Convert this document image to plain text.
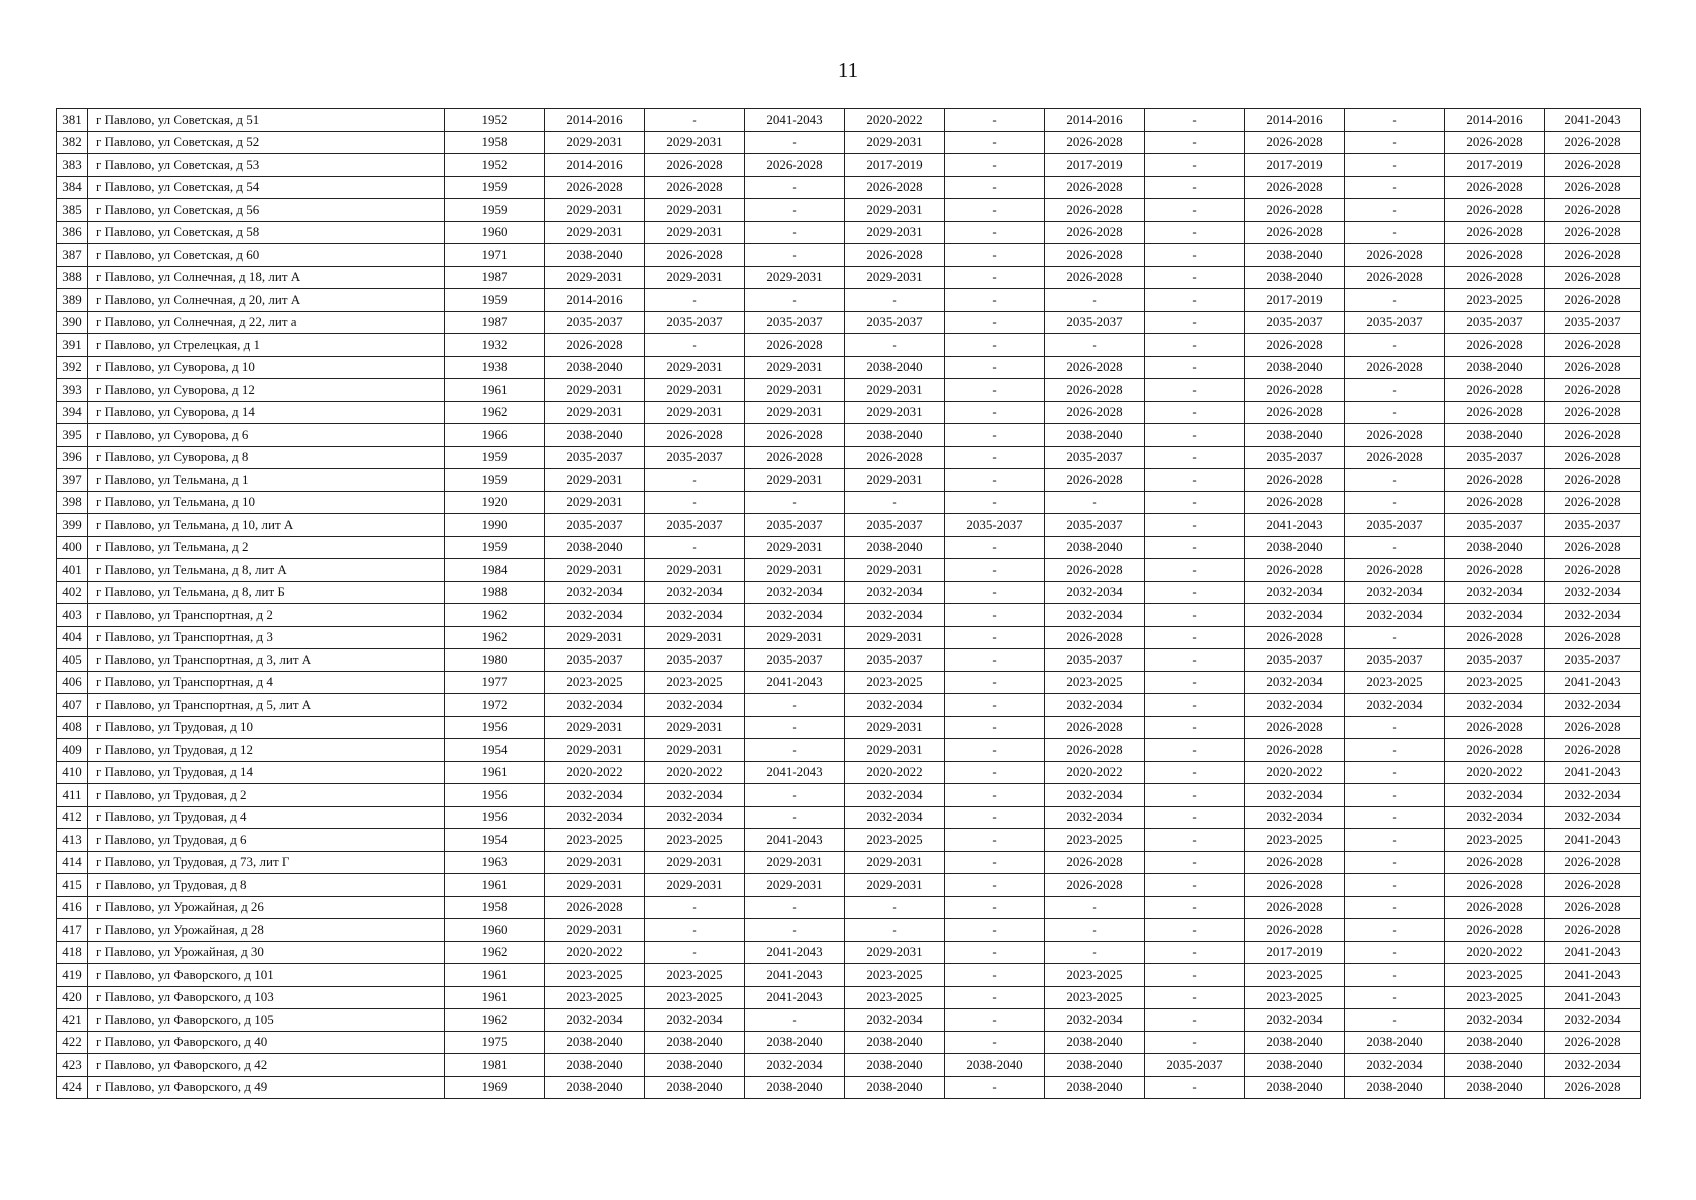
11
381	г Павлово, ул Советская, д 51	1952	2014-2016	-	2041-2043	2020-2022	-	2014-2016	-	2014-2016	-	2014-2016	2041-2043
382	г Павлово, ул Советская, д 52	1958	2029-2031	2029-2031	-	2029-2031	-	2026-2028	-	2026-2028	-	2026-2028	2026-2028
383	г Павлово, ул Советская, д 53	1952	2014-2016	2026-2028	2026-2028	2017-2019	-	2017-2019	-	2017-2019	-	2017-2019	2026-2028
384	г Павлово, ул Советская, д 54	1959	2026-2028	2026-2028	-	2026-2028	-	2026-2028	-	2026-2028	-	2026-2028	2026-2028
385	г Павлово, ул Советская, д 56	1959	2029-2031	2029-2031	-	2029-2031	-	2026-2028	-	2026-2028	-	2026-2028	2026-2028
386	г Павлово, ул Советская, д 58	1960	2029-2031	2029-2031	-	2029-2031	-	2026-2028	-	2026-2028	-	2026-2028	2026-2028
387	г Павлово, ул Советская, д 60	1971	2038-2040	2026-2028	-	2026-2028	-	2026-2028	-	2038-2040	2026-2028	2026-2028	2026-2028
388	г Павлово, ул Солнечная, д 18, лит А	1987	2029-2031	2029-2031	2029-2031	2029-2031	-	2026-2028	-	2038-2040	2026-2028	2026-2028	2026-2028
389	г Павлово, ул Солнечная, д 20, лит А	1959	2014-2016	-	-	-	-	-	-	2017-2019	-	2023-2025	2026-2028
390	г Павлово, ул Солнечная, д 22, лит а	1987	2035-2037	2035-2037	2035-2037	2035-2037	-	2035-2037	-	2035-2037	2035-2037	2035-2037	2035-2037
391	г Павлово, ул Стрелецкая, д 1	1932	2026-2028	-	2026-2028	-	-	-	-	2026-2028	-	2026-2028	2026-2028
392	г Павлово, ул Суворова, д 10	1938	2038-2040	2029-2031	2029-2031	2038-2040	-	2026-2028	-	2038-2040	2026-2028	2038-2040	2026-2028
393	г Павлово, ул Суворова, д 12	1961	2029-2031	2029-2031	2029-2031	2029-2031	-	2026-2028	-	2026-2028	-	2026-2028	2026-2028
394	г Павлово, ул Суворова, д 14	1962	2029-2031	2029-2031	2029-2031	2029-2031	-	2026-2028	-	2026-2028	-	2026-2028	2026-2028
395	г Павлово, ул Суворова, д 6	1966	2038-2040	2026-2028	2026-2028	2038-2040	-	2038-2040	-	2038-2040	2026-2028	2038-2040	2026-2028
396	г Павлово, ул Суворова, д 8	1959	2035-2037	2035-2037	2026-2028	2026-2028	-	2035-2037	-	2035-2037	2026-2028	2035-2037	2026-2028
397	г Павлово, ул Тельмана, д 1	1959	2029-2031	-	2029-2031	2029-2031	-	2026-2028	-	2026-2028	-	2026-2028	2026-2028
398	г Павлово, ул Тельмана, д 10	1920	2029-2031	-	-	-	-	-	-	2026-2028	-	2026-2028	2026-2028
399	г Павлово, ул Тельмана, д 10, лит А	1990	2035-2037	2035-2037	2035-2037	2035-2037	2035-2037	2035-2037	-	2041-2043	2035-2037	2035-2037	2035-2037
400	г Павлово, ул Тельмана, д 2	1959	2038-2040	-	2029-2031	2038-2040	-	2038-2040	-	2038-2040	-	2038-2040	2026-2028
401	г Павлово, ул Тельмана, д 8, лит А	1984	2029-2031	2029-2031	2029-2031	2029-2031	-	2026-2028	-	2026-2028	2026-2028	2026-2028	2026-2028
402	г Павлово, ул Тельмана, д 8, лит Б	1988	2032-2034	2032-2034	2032-2034	2032-2034	-	2032-2034	-	2032-2034	2032-2034	2032-2034	2032-2034
403	г Павлово, ул Транспортная, д 2	1962	2032-2034	2032-2034	2032-2034	2032-2034	-	2032-2034	-	2032-2034	2032-2034	2032-2034	2032-2034
404	г Павлово, ул Транспортная, д 3	1962	2029-2031	2029-2031	2029-2031	2029-2031	-	2026-2028	-	2026-2028	-	2026-2028	2026-2028
405	г Павлово, ул Транспортная, д 3, лит А	1980	2035-2037	2035-2037	2035-2037	2035-2037	-	2035-2037	-	2035-2037	2035-2037	2035-2037	2035-2037
406	г Павлово, ул Транспортная, д 4	1977	2023-2025	2023-2025	2041-2043	2023-2025	-	2023-2025	-	2032-2034	2023-2025	2023-2025	2041-2043
407	г Павлово, ул Транспортная, д 5, лит А	1972	2032-2034	2032-2034	-	2032-2034	-	2032-2034	-	2032-2034	2032-2034	2032-2034	2032-2034
408	г Павлово, ул Трудовая, д 10	1956	2029-2031	2029-2031	-	2029-2031	-	2026-2028	-	2026-2028	-	2026-2028	2026-2028
409	г Павлово, ул Трудовая, д 12	1954	2029-2031	2029-2031	-	2029-2031	-	2026-2028	-	2026-2028	-	2026-2028	2026-2028
410	г Павлово, ул Трудовая, д 14	1961	2020-2022	2020-2022	2041-2043	2020-2022	-	2020-2022	-	2020-2022	-	2020-2022	2041-2043
411	г Павлово, ул Трудовая, д 2	1956	2032-2034	2032-2034	-	2032-2034	-	2032-2034	-	2032-2034	-	2032-2034	2032-2034
412	г Павлово, ул Трудовая, д 4	1956	2032-2034	2032-2034	-	2032-2034	-	2032-2034	-	2032-2034	-	2032-2034	2032-2034
413	г Павлово, ул Трудовая, д 6	1954	2023-2025	2023-2025	2041-2043	2023-2025	-	2023-2025	-	2023-2025	-	2023-2025	2041-2043
414	г Павлово, ул Трудовая, д 73, лит Г	1963	2029-2031	2029-2031	2029-2031	2029-2031	-	2026-2028	-	2026-2028	-	2026-2028	2026-2028
415	г Павлово, ул Трудовая, д 8	1961	2029-2031	2029-2031	2029-2031	2029-2031	-	2026-2028	-	2026-2028	-	2026-2028	2026-2028
416	г Павлово, ул Урожайная, д 26	1958	2026-2028	-	-	-	-	-	-	2026-2028	-	2026-2028	2026-2028
417	г Павлово, ул Урожайная, д 28	1960	2029-2031	-	-	-	-	-	-	2026-2028	-	2026-2028	2026-2028
418	г Павлово, ул Урожайная, д 30	1962	2020-2022	-	2041-2043	2029-2031	-	-	-	2017-2019	-	2020-2022	2041-2043
419	г Павлово, ул Фаворского, д 101	1961	2023-2025	2023-2025	2041-2043	2023-2025	-	2023-2025	-	2023-2025	-	2023-2025	2041-2043
420	г Павлово, ул Фаворского, д 103	1961	2023-2025	2023-2025	2041-2043	2023-2025	-	2023-2025	-	2023-2025	-	2023-2025	2041-2043
421	г Павлово, ул Фаворского, д 105	1962	2032-2034	2032-2034	-	2032-2034	-	2032-2034	-	2032-2034	-	2032-2034	2032-2034
422	г Павлово, ул Фаворского, д 40	1975	2038-2040	2038-2040	2038-2040	2038-2040	-	2038-2040	-	2038-2040	2038-2040	2038-2040	2026-2028
423	г Павлово, ул Фаворского, д 42	1981	2038-2040	2038-2040	2032-2034	2038-2040	2038-2040	2038-2040	2035-2037	2038-2040	2032-2034	2038-2040	2032-2034
424	г Павлово, ул Фаворского, д 49	1969	2038-2040	2038-2040	2038-2040	2038-2040	-	2038-2040	-	2038-2040	2038-2040	2038-2040	2026-2028
